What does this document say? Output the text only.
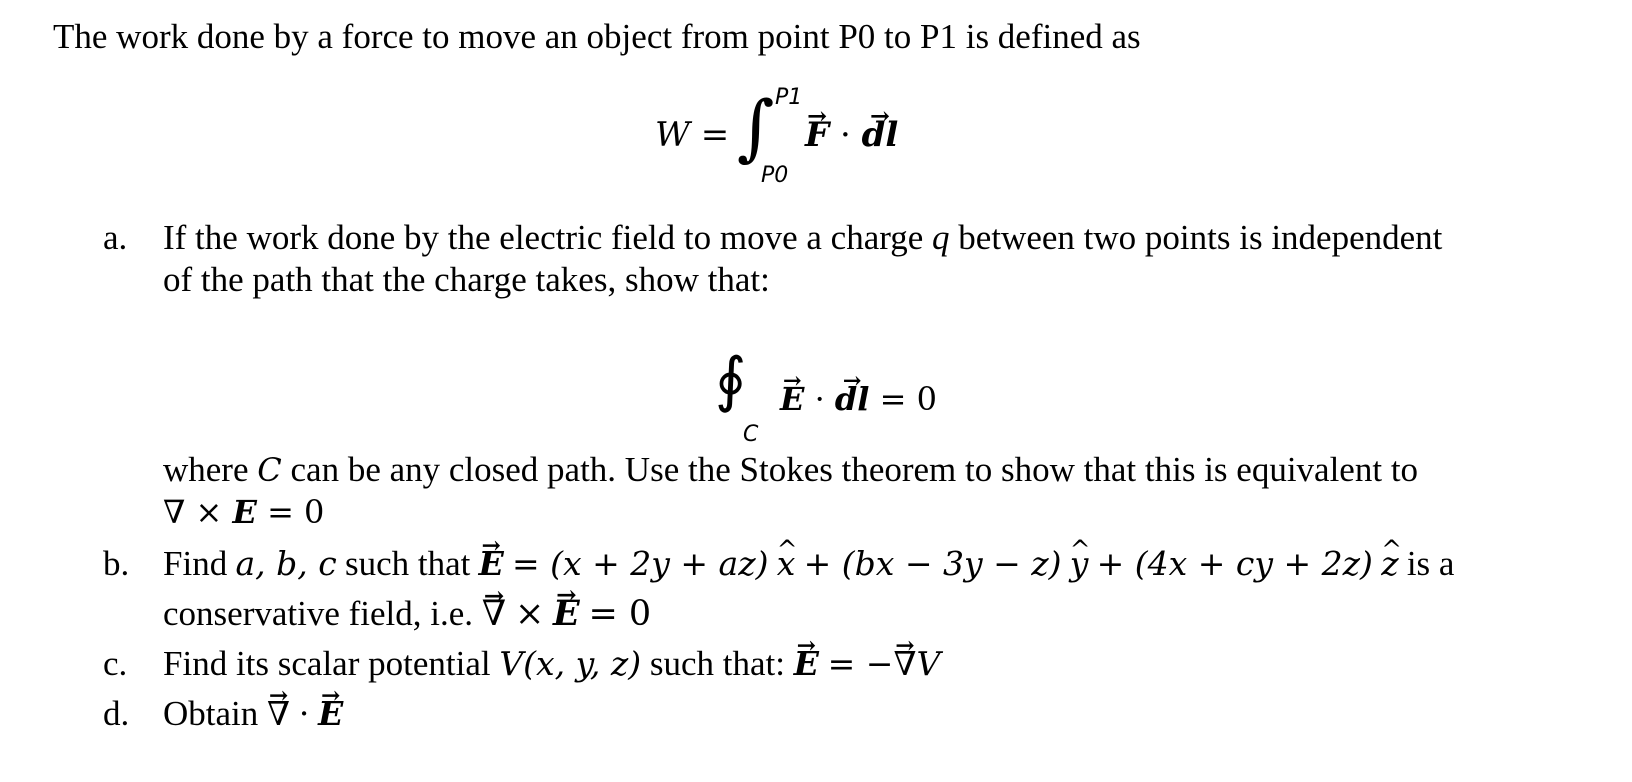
The work done by a force to move an object from point P0 to P1 is defined as
W = ∫ P1
P0
F → · dl →
a. If the work done by the electric field to move a charge q between two points is independent
of the path that the charge takes, show that:
∮
C
E → · dl → = 0
where C can be any closed path. Use the Stokes theorem to show that this is equivalent to
∇ × E = 0
b. Find a, b, c such that E → = (x + 2y + az) x ^ + (bx − 3y − z) y ^ + (4x + cy + 2z) z ^ is a
conservative field, i.e. ∇ → × E → = 0
c. Find its scalar potential V(x, y, z) such that: E → = −∇ →V
d. Obtain ∇ → · E →
